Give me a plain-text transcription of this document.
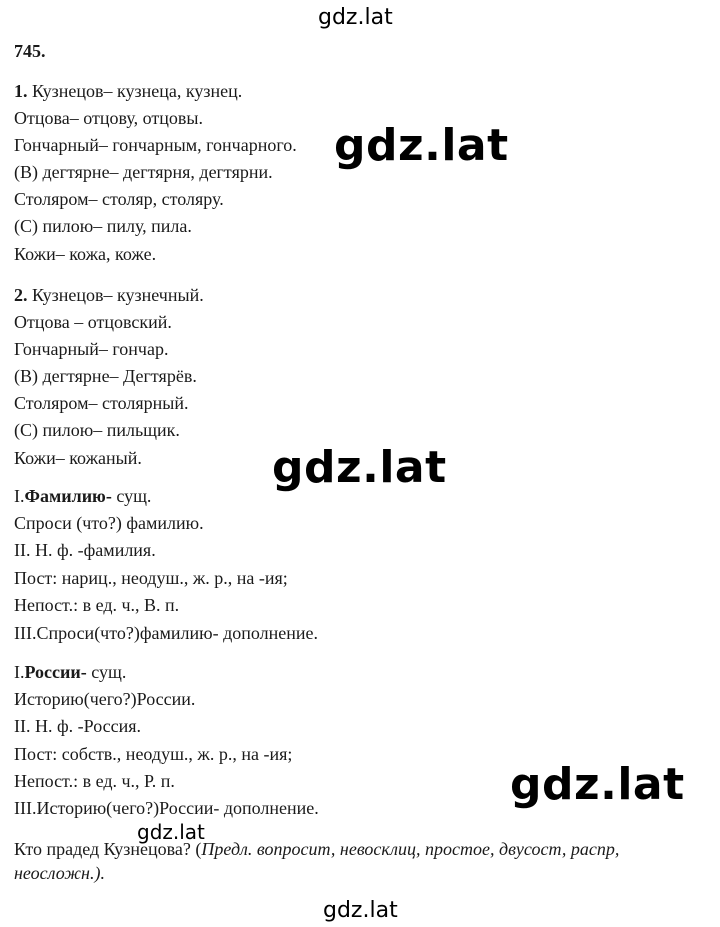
gdz.lat
745.
1. Кузнецов– кузнеца, кузнец.
Отцова– отцову, отцовы.
Гончарный– гончарным, гончарного.
(В) дегтярне– дегтярня, дегтярни.
Столяром– столяр, столяру.
(С) пилою– пилу, пила.
Кожи– кожа, коже.
2. Кузнецов– кузнечный.
Отцова – отцовский.
Гончарный– гончар.
(В) дегтярне– Дегтярёв.
Столяром– столярный.
(С) пилою– пильщик.
Кожи– кожаный.
I.Фамилию- сущ.
Спроси (что?) фамилию.
II. Н. ф. -фамилия.
Пост: нариц., неодуш., ж. р., на -ия;
Непост.: в ед. ч., В. п.
III.Спроси(что?)фамилию- дополнение.
I.России- сущ.
Историю(чего?)России.
II. Н. ф. -Россия.
Пост: собств., неодуш., ж. р., на -ия;
Непост.: в ед. ч., Р. п.
III.Историю(чего?)России- дополнение.
Кто прадед Кузнецова? (Предл. вопросит, невосклиц, простое, двусост, распр,
неосложн.).
gdz.lat
gdz.lat
gdz.lat
gdz.lat
gdz.lat
